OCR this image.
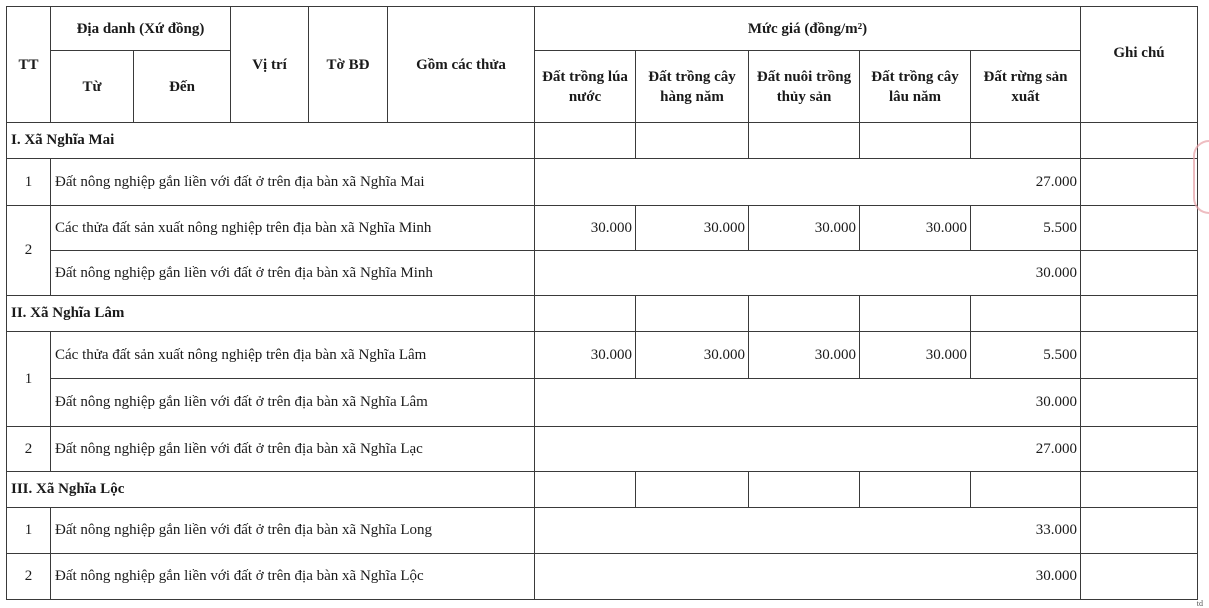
TT	Địa danh (Xứ đồng)		Vị trí	Tờ BĐ	Gồm các thửa	Mức giá (đồng/m²)					Ghi chú
	Từ	Đến				Đất trồng lúa nước	Đất trồng cây hàng năm	Đất nuôi trồng thủy sản	Đất trồng cây lâu năm	Đất rừng sản xuất	
I. Xã Nghĩa Mai											
1	Đất nông nghiệp gắn liền với đất ở trên địa bàn xã Nghĩa Mai					27.000					
2	Các thửa đất sản xuất nông nghiệp trên địa bàn xã Nghĩa Minh					30.000	30.000	30.000	30.000	5.500	
	Đất nông nghiệp gắn liền với đất ở trên địa bàn xã Nghĩa Minh					30.000					
II. Xã Nghĩa Lâm											
1	Các thửa đất sản xuất nông nghiệp trên địa bàn xã Nghĩa Lâm					30.000	30.000	30.000	30.000	5.500	
	Đất nông nghiệp gắn liền với đất ở trên địa bàn xã Nghĩa Lâm					30.000					
2	Đất nông nghiệp gắn liền với đất ở trên địa bàn xã Nghĩa Lạc					27.000					
III. Xã Nghĩa Lộc											
1	Đất nông nghiệp gắn liền với đất ở trên địa bàn xã Nghĩa Long					33.000					
2	Đất nông nghiệp gắn liền với đất ở trên địa bàn xã Nghĩa Lộc					30.000					
td
